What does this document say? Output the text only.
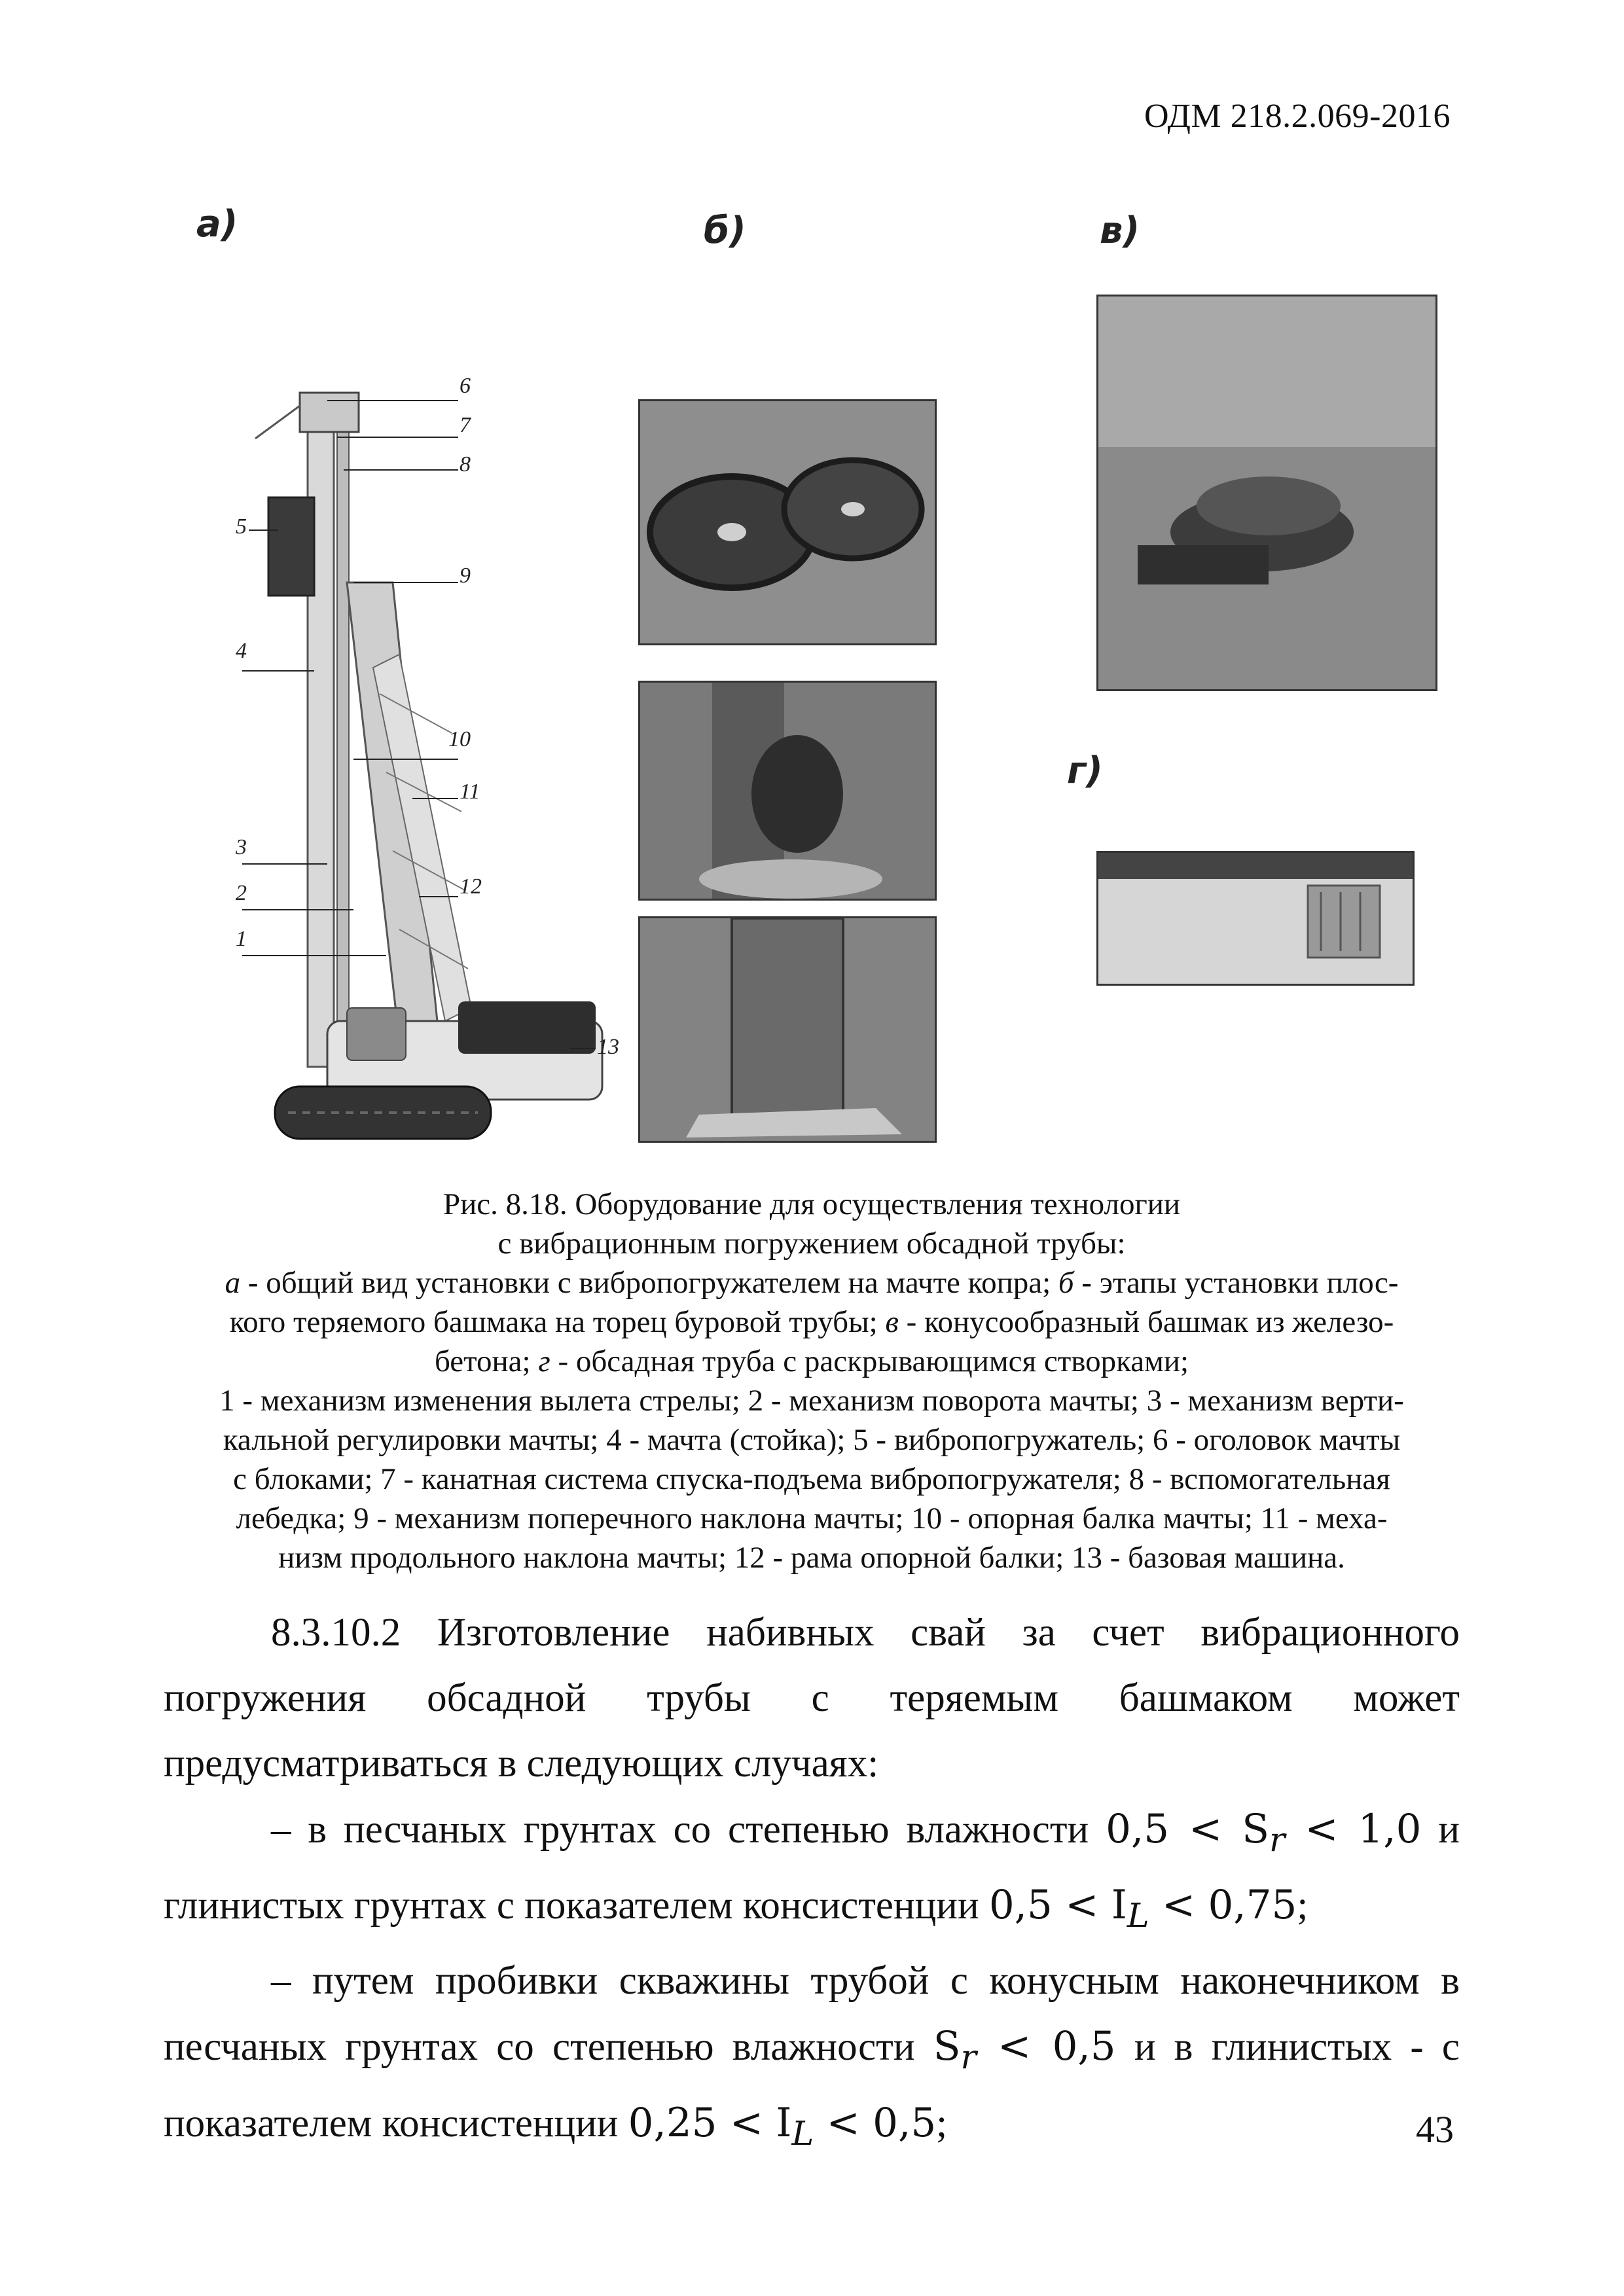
ОДМ 218.2.069-2016
а)	б)	в)
г)
6
7
8
5
9
4
10
11
3
12
2
1
13
Рис. 8.18. Оборудование для осуществления технологии
с вибрационным погружением обсадной трубы:
а - общий вид установки с вибропогружателем на мачте копра; б - этапы установки плос-
кого теряемого башмака на торец буровой трубы; в - конусообразный башмак из железо-
бетона; г - обсадная труба с раскрывающимся створками;
1 - механизм изменения вылета стрелы; 2 - механизм поворота мачты; 3 - механизм верти-
кальной регулировки мачты; 4 - мачта (стойка); 5 - вибропогружатель; 6 - оголовок мачты
с блоками; 7 - канатная система спуска-подъема вибропогружателя; 8 - вспомогательная
лебедка; 9 - механизм поперечного наклона мачты; 10 - опорная балка мачты; 11 - меха-
низм продольного наклона мачты; 12 - рама опорной балки; 13 - базовая машина.

8.3.10.2 Изготовление набивных свай за счет вибрационного погружения обсадной трубы с теряемым башмаком может предусматриваться в следующих случаях:

– в песчаных грунтах со степенью влажности $0,5 < S_r < 1,0$ и глинистых грунтах с показателем консистенции $0,5 < I_L < 0,75$;

– путем пробивки скважины трубой с конусным наконечником в песчаных грунтах со степенью влажности $S_r < 0,5$ и в глинистых - с показателем консистенции $0,25 < I_L < 0,5$;	43
